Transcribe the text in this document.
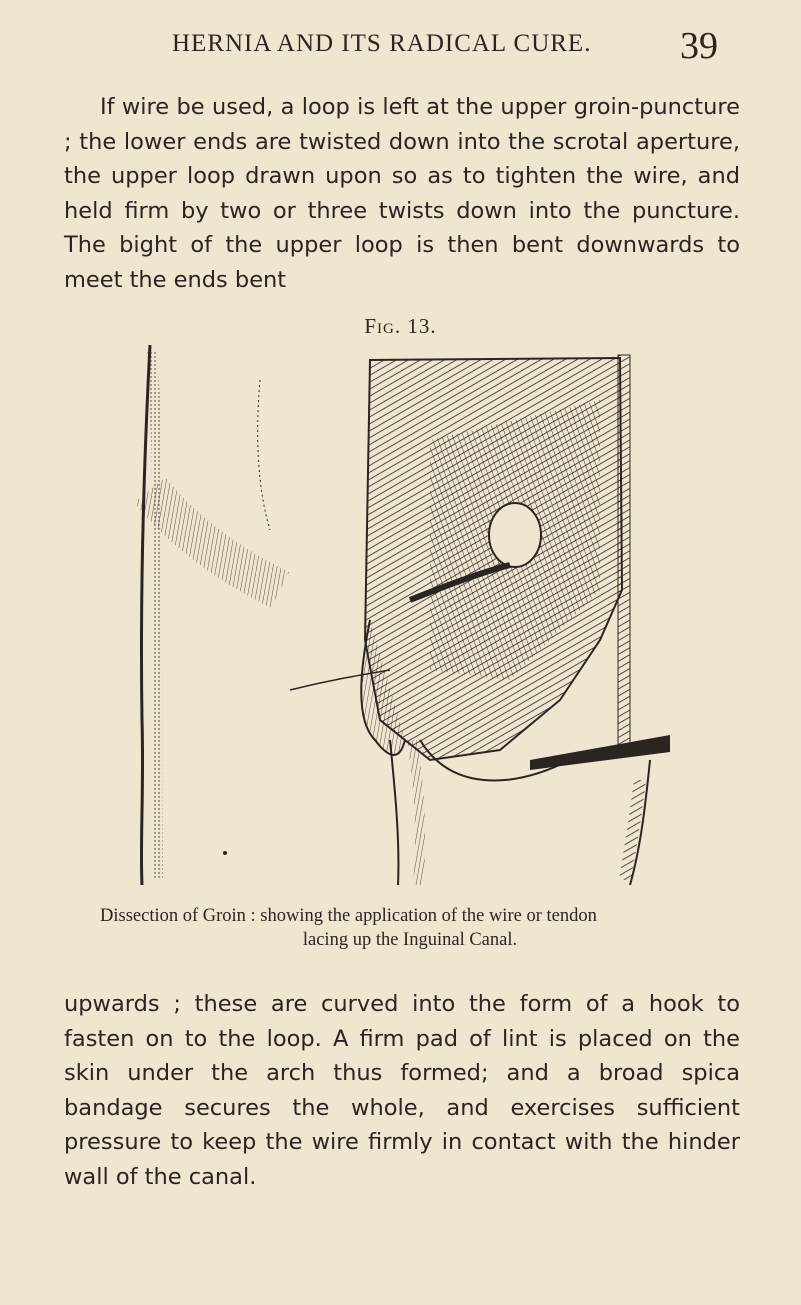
HERNIA AND ITS RADICAL CURE. 39

If wire be used, a loop is left at the upper groin-puncture ; the lower ends are twisted down into the scrotal aperture, the upper loop drawn upon so as to tighten the wire, and held firm by two or three twists down into the puncture. The bight of the upper loop is then bent downwards to meet the ends bent

Fig. 13.
Dissection of Groin : showing the application of the wire or tendon
lacing up the Inguinal Canal.

upwards ; these are curved into the form of a hook to fasten on to the loop. A firm pad of lint is placed on the skin under the arch thus formed; and a broad spica bandage secures the whole, and exercises sufficient pressure to keep the wire firmly in contact with the hinder wall of the canal.
